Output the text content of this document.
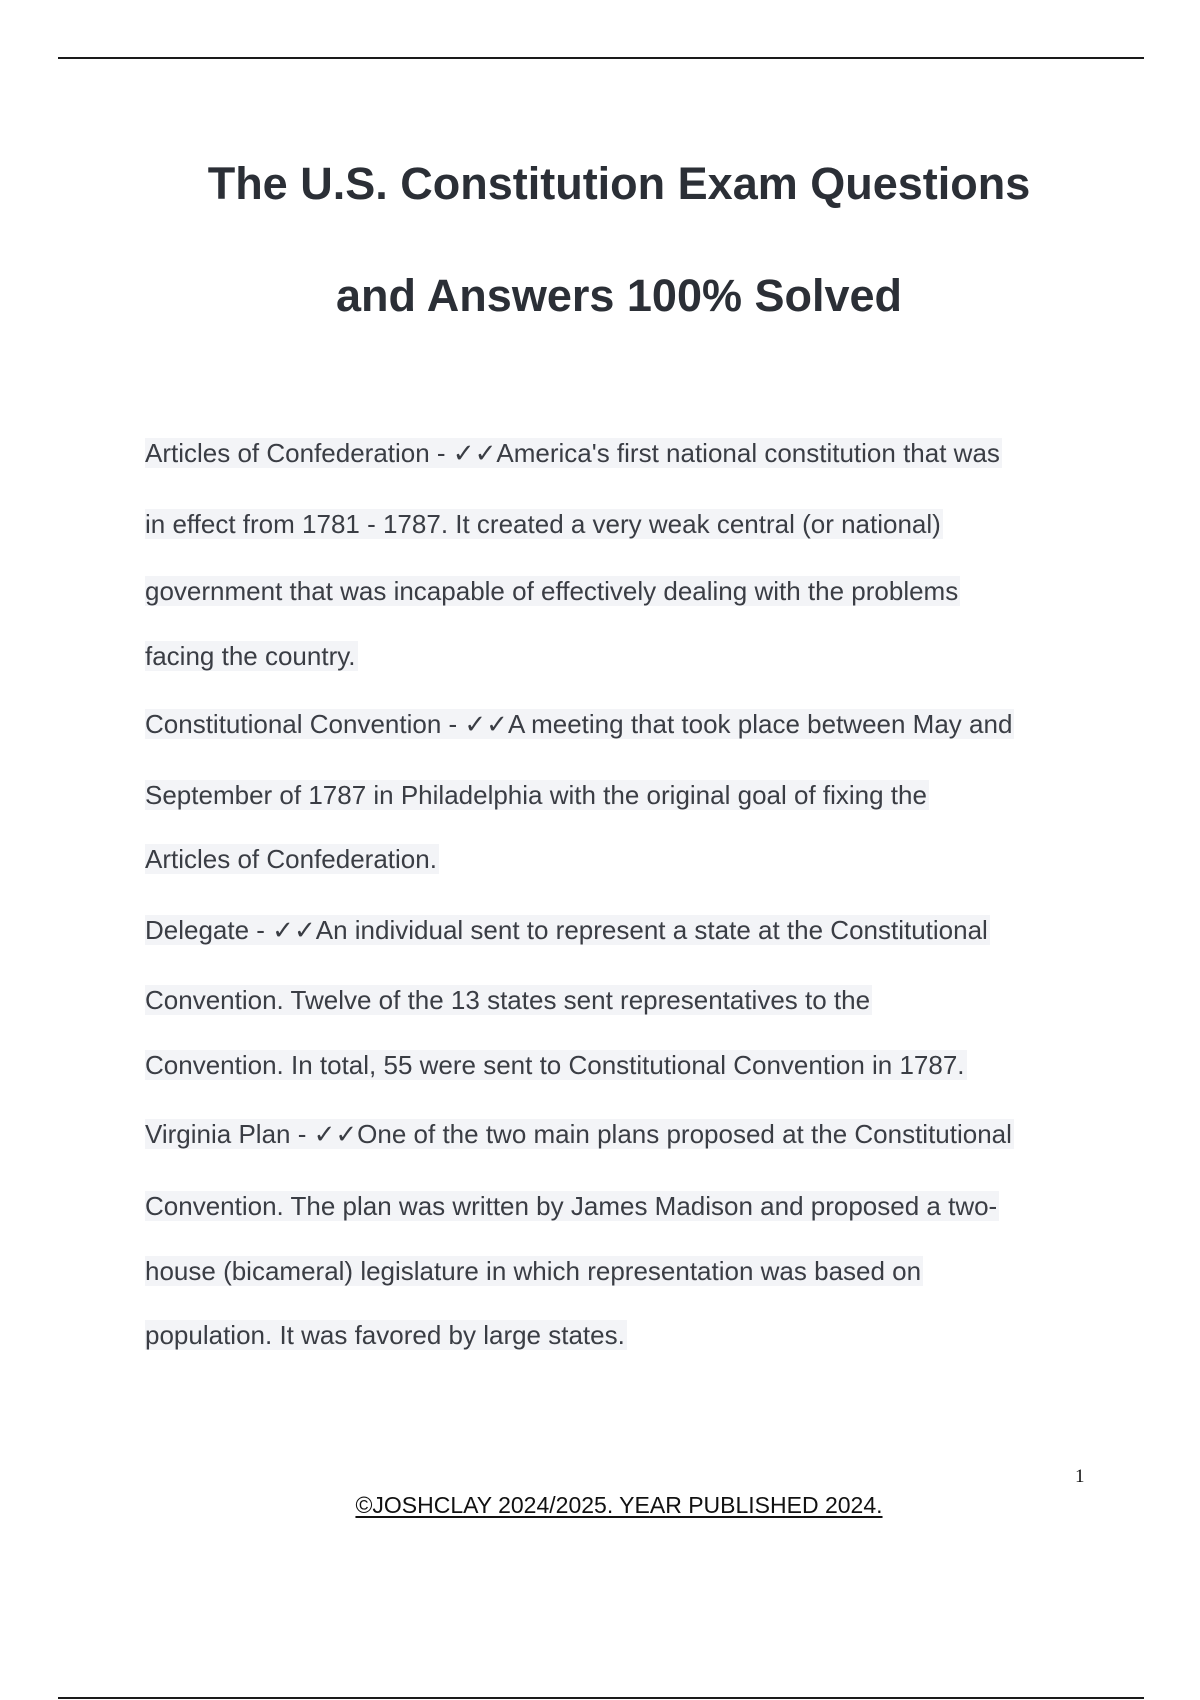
The U.S. Constitution Exam Questions
and Answers 100% Solved
Articles of Confederation - ✓✓America's first national constitution that was
in effect from 1781 - 1787. It created a very weak central (or national)
government that was incapable of effectively dealing with the problems
facing the country.
Constitutional Convention - ✓✓A meeting that took place between May and
September of 1787 in Philadelphia with the original goal of fixing the
Articles of Confederation.
Delegate - ✓✓An individual sent to represent a state at the Constitutional
Convention. Twelve of the 13 states sent representatives to the
Convention. In total, 55 were sent to Constitutional Convention in 1787.
Virginia Plan - ✓✓One of the two main plans proposed at the Constitutional
Convention. The plan was written by James Madison and proposed a two-
house (bicameral) legislature in which representation was based on
population. It was favored by large states.
1
©JOSHCLAY 2024/2025. YEAR PUBLISHED 2024.
